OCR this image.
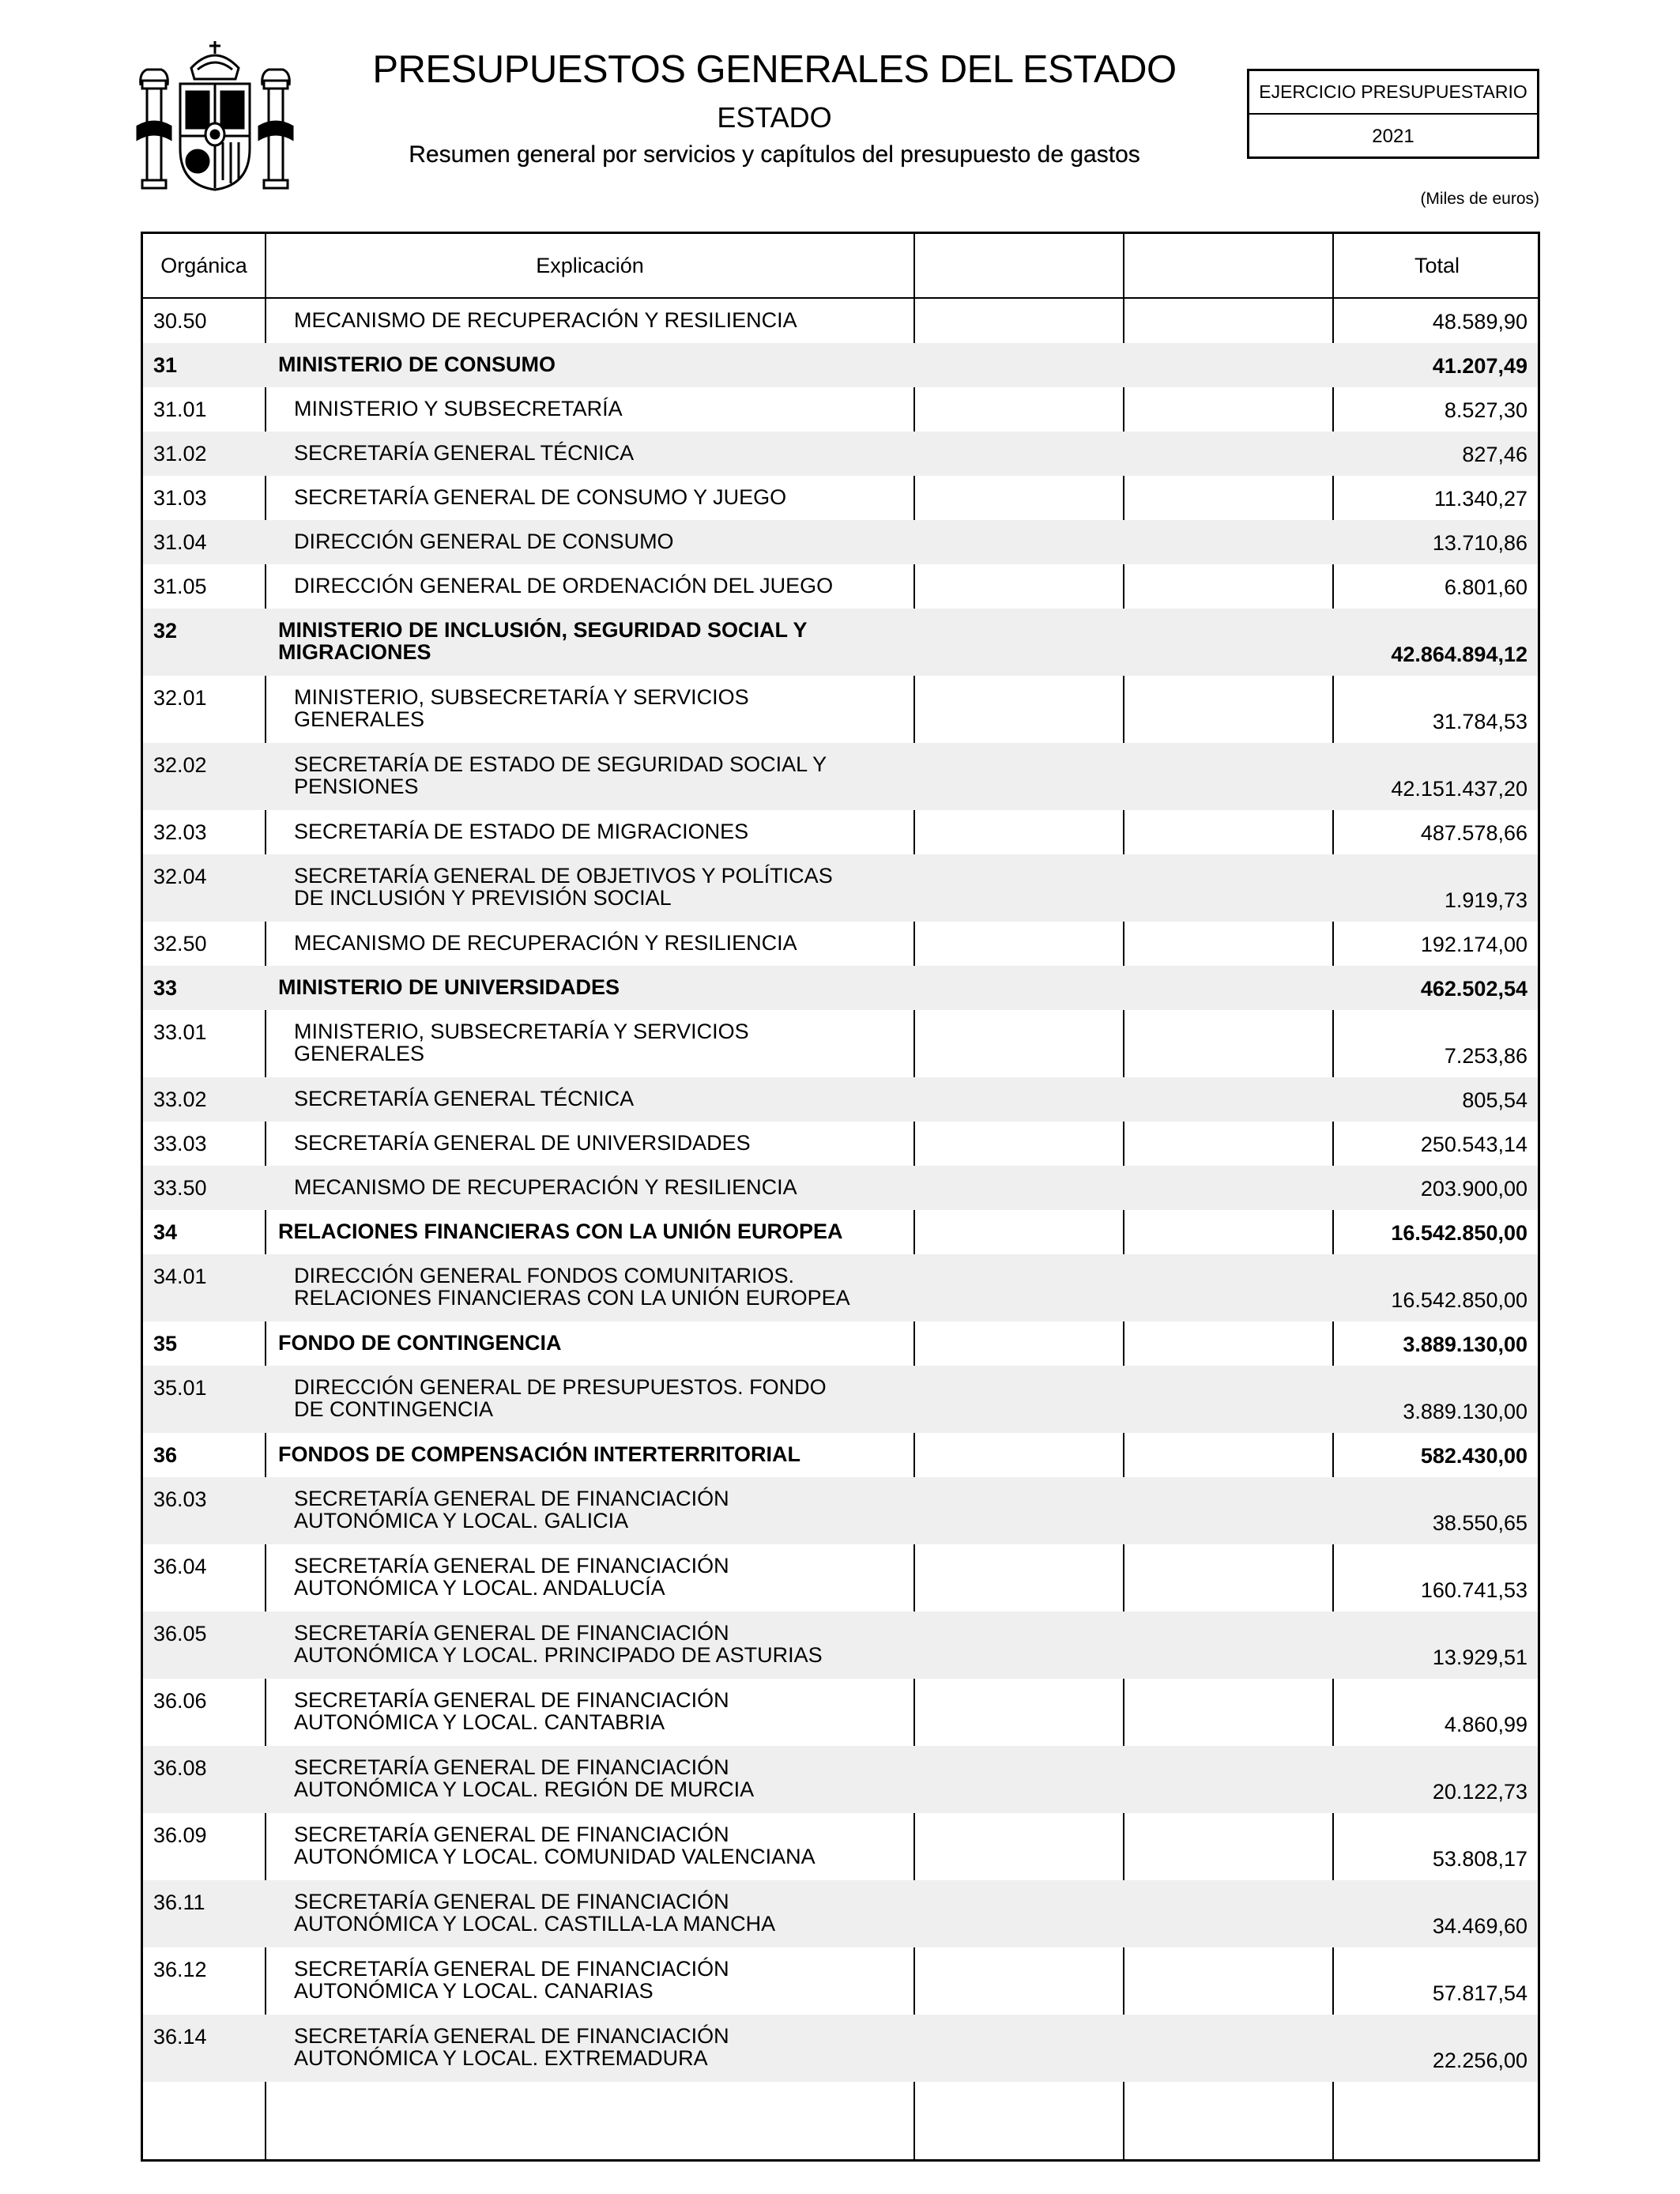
PRESUPUESTOS GENERALES DEL ESTADO
ESTADO
Resumen general por servicios y capítulos del presupuesto de gastos
EJERCICIO PRESUPUESTARIO
2021
(Miles de euros)
Orgánica	Explicación	Total
30.50	MECANISMO DE RECUPERACIÓN Y RESILIENCIA	48.589,90
31	MINISTERIO DE CONSUMO	41.207,49
31.01	MINISTERIO Y SUBSECRETARÍA	8.527,30
31.02	SECRETARÍA GENERAL TÉCNICA	827,46
31.03	SECRETARÍA GENERAL DE CONSUMO Y JUEGO	11.340,27
31.04	DIRECCIÓN GENERAL DE CONSUMO	13.710,86
31.05	DIRECCIÓN GENERAL DE ORDENACIÓN DEL JUEGO	6.801,60
32	MINISTERIO DE INCLUSIÓN, SEGURIDAD SOCIAL Y
MIGRACIONES	42.864.894,12
32.01	MINISTERIO, SUBSECRETARÍA Y SERVICIOS
GENERALES	31.784,53
32.02	SECRETARÍA DE ESTADO DE SEGURIDAD SOCIAL Y
PENSIONES	42.151.437,20
32.03	SECRETARÍA DE ESTADO DE MIGRACIONES	487.578,66
32.04	SECRETARÍA GENERAL DE OBJETIVOS Y POLÍTICAS
DE INCLUSIÓN Y PREVISIÓN SOCIAL	1.919,73
32.50	MECANISMO DE RECUPERACIÓN Y RESILIENCIA	192.174,00
33	MINISTERIO DE UNIVERSIDADES	462.502,54
33.01	MINISTERIO, SUBSECRETARÍA Y SERVICIOS
GENERALES	7.253,86
33.02	SECRETARÍA GENERAL TÉCNICA	805,54
33.03	SECRETARÍA GENERAL DE UNIVERSIDADES	250.543,14
33.50	MECANISMO DE RECUPERACIÓN Y RESILIENCIA	203.900,00
34	RELACIONES FINANCIERAS CON LA UNIÓN EUROPEA	16.542.850,00
34.01	DIRECCIÓN GENERAL FONDOS COMUNITARIOS.
RELACIONES FINANCIERAS CON LA UNIÓN EUROPEA	16.542.850,00
35	FONDO DE CONTINGENCIA	3.889.130,00
35.01	DIRECCIÓN GENERAL DE PRESUPUESTOS. FONDO
DE CONTINGENCIA	3.889.130,00
36	FONDOS DE COMPENSACIÓN INTERTERRITORIAL	582.430,00
36.03	SECRETARÍA GENERAL DE FINANCIACIÓN
AUTONÓMICA Y LOCAL. GALICIA	38.550,65
36.04	SECRETARÍA GENERAL DE FINANCIACIÓN
AUTONÓMICA Y LOCAL. ANDALUCÍA	160.741,53
36.05	SECRETARÍA GENERAL DE FINANCIACIÓN
AUTONÓMICA Y LOCAL. PRINCIPADO DE ASTURIAS	13.929,51
36.06	SECRETARÍA GENERAL DE FINANCIACIÓN
AUTONÓMICA Y LOCAL. CANTABRIA	4.860,99
36.08	SECRETARÍA GENERAL DE FINANCIACIÓN
AUTONÓMICA Y LOCAL. REGIÓN DE MURCIA	20.122,73
36.09	SECRETARÍA GENERAL DE FINANCIACIÓN
AUTONÓMICA Y LOCAL. COMUNIDAD VALENCIANA	53.808,17
36.11	SECRETARÍA GENERAL DE FINANCIACIÓN
AUTONÓMICA Y LOCAL. CASTILLA-LA MANCHA	34.469,60
36.12	SECRETARÍA GENERAL DE FINANCIACIÓN
AUTONÓMICA Y LOCAL. CANARIAS	57.817,54
36.14	SECRETARÍA GENERAL DE FINANCIACIÓN
AUTONÓMICA Y LOCAL. EXTREMADURA	22.256,00
